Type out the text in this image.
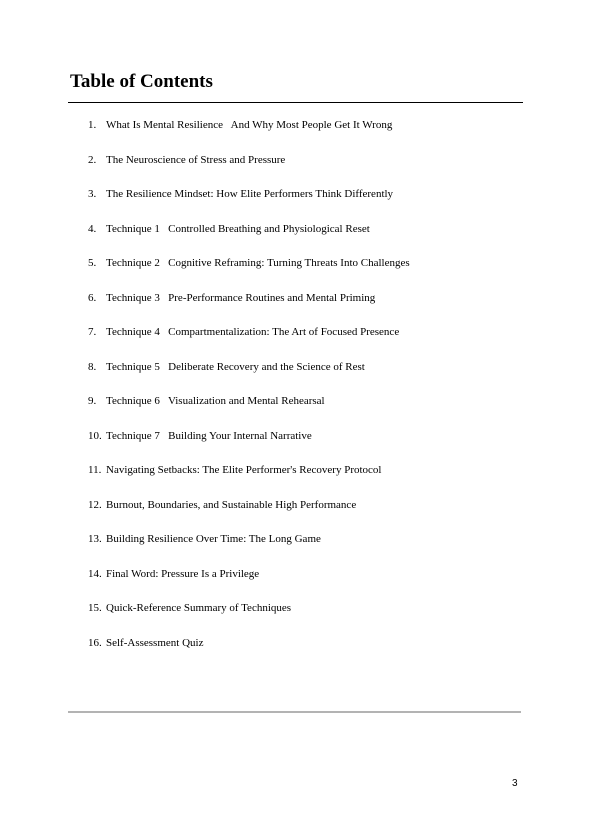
Table of Contents
1. What Is Mental Resilience   And Why Most People Get It Wrong
2. The Neuroscience of Stress and Pressure
3. The Resilience Mindset: How Elite Performers Think Differently
4. Technique 1   Controlled Breathing and Physiological Reset
5. Technique 2   Cognitive Reframing: Turning Threats Into Challenges
6. Technique 3   Pre-Performance Routines and Mental Priming
7. Technique 4   Compartmentalization: The Art of Focused Presence
8. Technique 5   Deliberate Recovery and the Science of Rest
9. Technique 6   Visualization and Mental Rehearsal
10. Technique 7   Building Your Internal Narrative
11. Navigating Setbacks: The Elite Performer's Recovery Protocol
12. Burnout, Boundaries, and Sustainable High Performance
13. Building Resilience Over Time: The Long Game
14. Final Word: Pressure Is a Privilege
15. Quick-Reference Summary of Techniques
16. Self-Assessment Quiz
3
